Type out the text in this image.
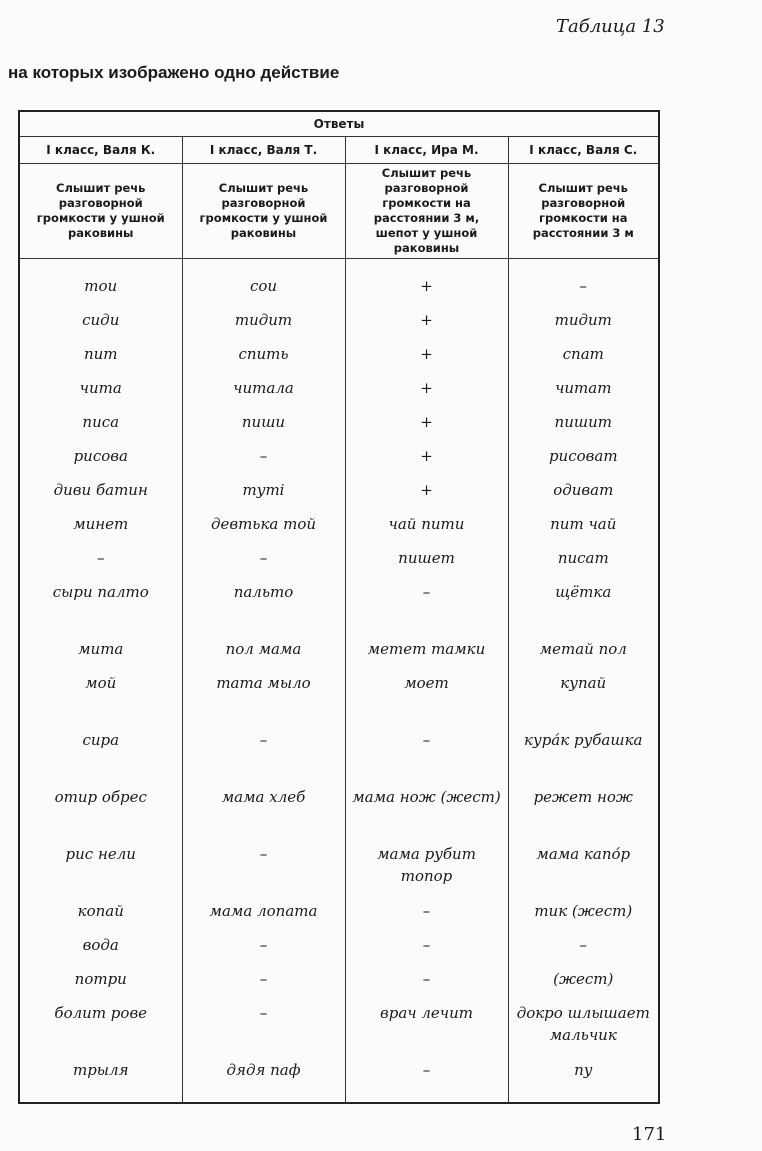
Таблица 13
на которых изображено одно действие
Ответы			
I класс, Валя К.	I класс, Валя Т.	I класс, Ира М.	I класс, Валя С.
Слышит речь разговорной громкости у ушной раковины	Слышит речь разговорной громкости у ушной раковины	Слышит речь разговорной громкости на расстоянии 3 м, шепот у ушной раковины	Слышит речь разговорной громкости на расстоянии 3 м

тои	сои	+	–
сиди	тидит	+	тидит
пит	спить	+	спат
чита	читала	+	читат
писа	пиши	+	пишит
рисова	–	+	рисоват
диви батин	туті	+	одиват
минет	девтька той	чай пити	пит чай
–	–	пишет	писат
сыри палто	пальто	–	щётка
мита	пол мама	метет тамки	метай пол
мой	тата мыло	моет	купай
сира	–	–	кура́к рубашка
отир обрес	мама хлеб	мама нож (жест)	режет нож
рис нели	–	мама рубит топор	мама капо́р
копай	мама лопата	–	тик (жест)
вода	–	–	–
потри	–	–	(жест)
болит рове	–	врач лечит	докро шлышает мальчик
трыля	дядя паф	–	пу
171
